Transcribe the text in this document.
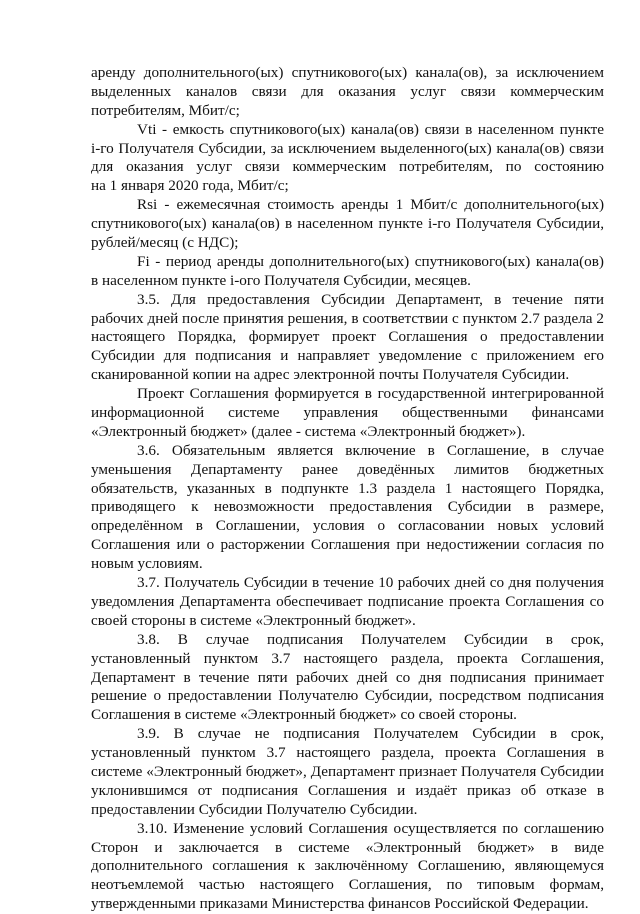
аренду дополнительного(ых) спутникового(ых) канала(ов), за исключением
выделенных каналов связи для оказания услуг связи коммерческим
потребителям, Мбит/с;
Vti - емкость спутникового(ых) канала(ов) связи в населенном пункте
i-го Получателя Субсидии, за исключением выделенного(ых) канала(ов) связи
для оказания услуг связи коммерческим потребителям, по состоянию
на 1 января 2020 года, Мбит/с;
Rsi - ежемесячная стоимость аренды 1 Мбит/с дополнительного(ых)
спутникового(ых) канала(ов) в населенном пункте i-го Получателя Субсидии,
рублей/месяц (с НДС);
Fi - период аренды дополнительного(ых) спутникового(ых) канала(ов)
в населенном пункте i-ого Получателя Субсидии, месяцев.
3.5. Для предоставления Субсидии Департамент, в течение пяти
рабочих дней после принятия решения, в соответствии с пунктом 2.7 раздела 2
настоящего Порядка, формирует проект Соглашения о предоставлении
Субсидии для подписания и направляет уведомление с приложением его
сканированной копии на адрес электронной почты Получателя Субсидии.
Проект Соглашения формируется в государственной интегрированной
информационной системе управления общественными финансами
«Электронный бюджет» (далее - система «Электронный бюджет»).
3.6. Обязательным является включение в Соглашение, в случае
уменьшения Департаменту ранее доведённых лимитов бюджетных
обязательств, указанных в подпункте 1.3 раздела 1 настоящего Порядка,
приводящего к невозможности предоставления Субсидии в размере,
определённом в Соглашении, условия о согласовании новых условий
Соглашения или о расторжении Соглашения при недостижении согласия по
новым условиям.
3.7. Получатель Субсидии в течение 10 рабочих дней со дня получения
уведомления Департамента обеспечивает подписание проекта Соглашения со
своей стороны в системе «Электронный бюджет».
3.8. В случае подписания Получателем Субсидии в срок,
установленный пунктом 3.7 настоящего раздела, проекта Соглашения,
Департамент в течение пяти рабочих дней со дня подписания принимает
решение о предоставлении Получателю Субсидии, посредством подписания
Соглашения в системе «Электронный бюджет» со своей стороны.
3.9. В случае не подписания Получателем Субсидии в срок,
установленный пунктом 3.7 настоящего раздела, проекта Соглашения в
системе «Электронный бюджет», Департамент признает Получателя Субсидии
уклонившимся от подписания Соглашения и издаёт приказ об отказе в
предоставлении Субсидии Получателю Субсидии.
3.10. Изменение условий Соглашения осуществляется по соглашению
Сторон и заключается в системе «Электронный бюджет» в виде
дополнительного соглашения к заключённому Соглашению, являющемуся
неотъемлемой частью настоящего Соглашения, по типовым формам,
утвержденными приказами Министерства финансов Российской Федерации.
